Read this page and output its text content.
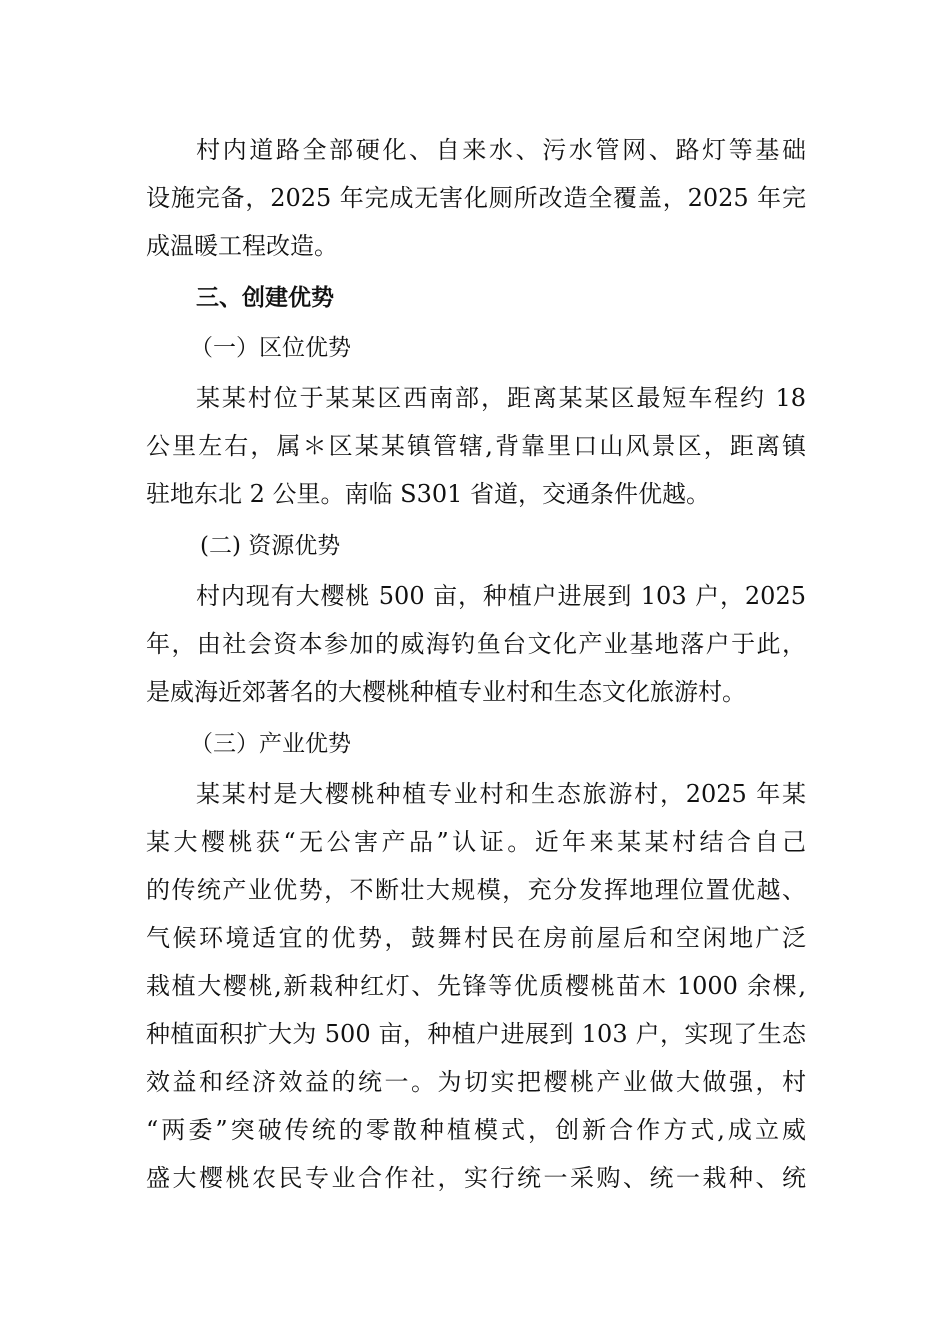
村内道路全部硬化、自来水、污水管网、路灯等基础
设施完备，2025 年完成无害化厕所改造全覆盖，2025 年完
成温暖工程改造。
三、创建优势
（一）区位优势
某某村位于某某区西南部，距离某某区最短车程约 18
公里左右，属＊区某某镇管辖,背靠里口山风景区，距离镇
驻地东北 2 公里。南临 S301 省道，交通条件优越。
(二) 资源优势
村内现有大樱桃 500 亩，种植户进展到 103 户，2025
年，由社会资本参加的威海钓鱼台文化产业基地落户于此，
是威海近郊著名的大樱桃种植专业村和生态文化旅游村。
（三）产业优势
某某村是大樱桃种植专业村和生态旅游村，2025 年某
某大樱桃获“无公害产品”认证。近年来某某村结合自己
的传统产业优势，不断壮大规模，充分发挥地理位置优越、
气候环境适宜的优势，鼓舞村民在房前屋后和空闲地广泛
栽植大樱桃,新栽种红灯、先锋等优质樱桃苗木 1000 余棵,
种植面积扩大为 500 亩，种植户进展到 103 户，实现了生态
效益和经济效益的统一。为切实把樱桃产业做大做强，村
“两委”突破传统的零散种植模式，创新合作方式,成立威
盛大樱桃农民专业合作社，实行统一采购、统一栽种、统
